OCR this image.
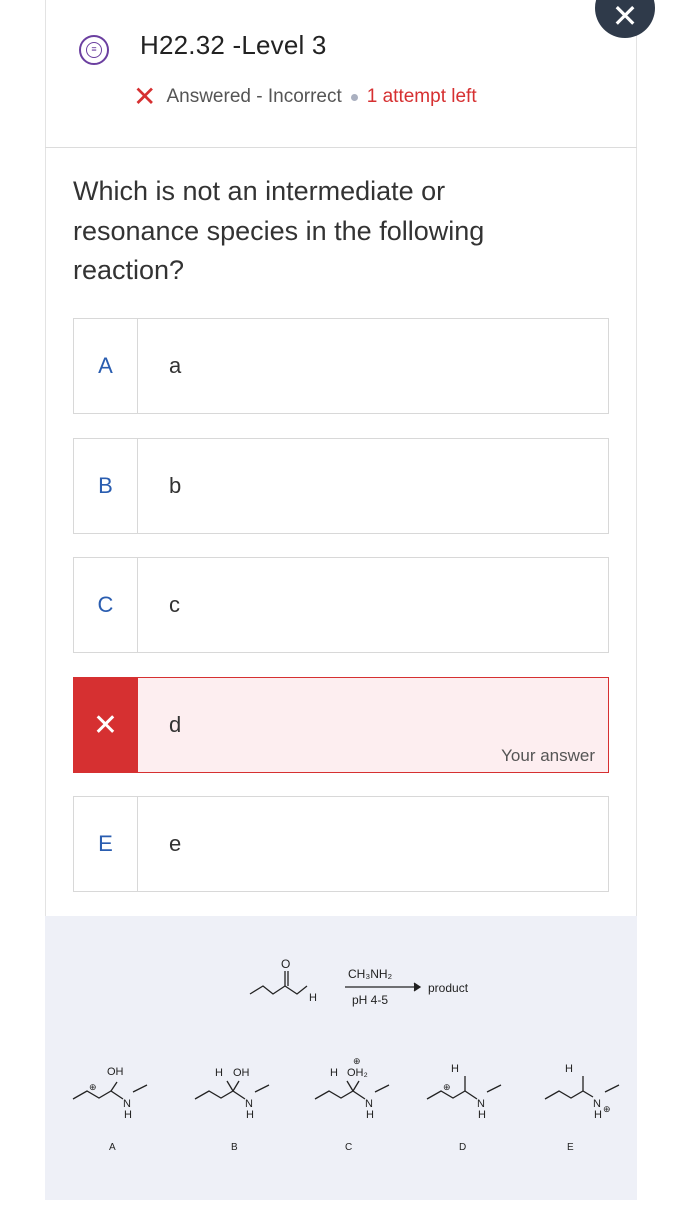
≡ H22.32 -Level 3
✕ Answered - Incorrect 1 attempt left
Which is not an intermediate or resonance species in the following reaction?
A	a
B	b
C	c
✕	d
Your answer
E	e
O
H
CH₃NH₂
pH 4-5
product
OH
⊕
N
H
H OH
N
H
H
⊕
OH₂
N
H
H
⊕
N
H
H
N
H ⊕
A	B	C	D	E
✕
